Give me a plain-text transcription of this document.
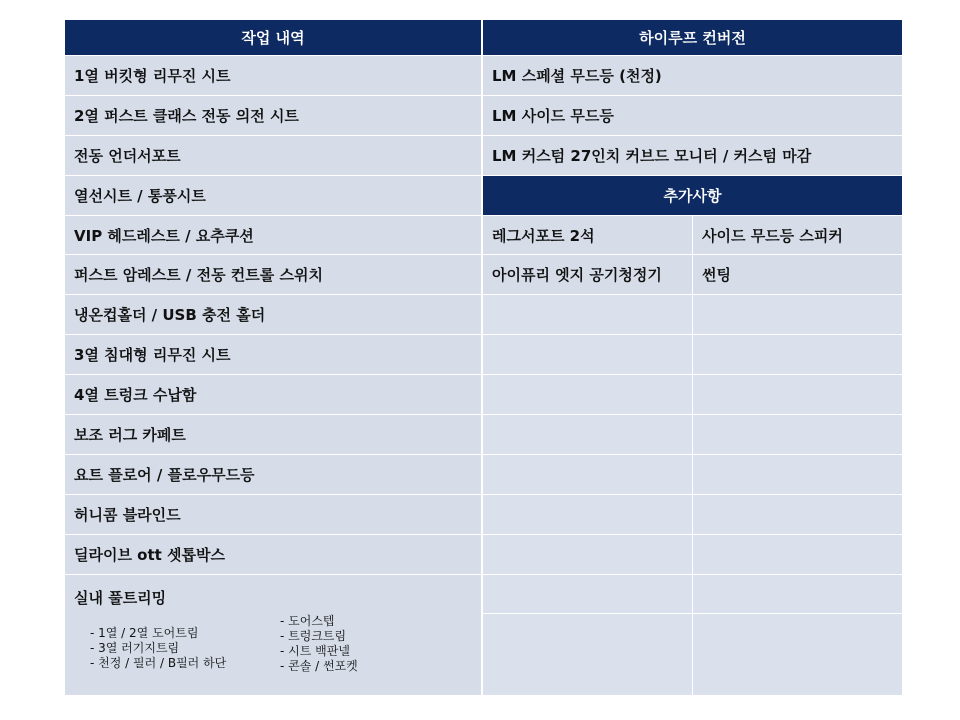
작업 내역	하이루프 컨버전
1열 버킷형 리무진 시트	LM 스페셜 무드등 (천정)
2열 퍼스트 클래스 전동 의전 시트	LM 사이드 무드등
전동 언더서포트	LM 커스텀 27인치 커브드 모니터 / 커스텀 마감
열선시트 / 통풍시트	추가사항
VIP 헤드레스트 / 요추쿠션	레그서포트 2석	사이드 무드등 스피커
퍼스트 암레스트 / 전동 컨트롤 스위치	아이퓨리 엣지 공기청정기	썬팅
냉온컵홀더 / USB 충전 홀더
3열 침대형 리무진 시트
4열 트렁크 수납함
보조 러그 카페트
요트 플로어 / 플로우무드등
허니콤 블라인드
딜라이브 ott 셋톱박스
실내 풀트리밍
- 1열 / 2열 도어트림
- 3열 러기지트림
- 천정 / 필러 / B필러 하단
- 도어스텝
- 트렁크트림
- 시트 백판넬
- 콘솔 / 썬포켓
